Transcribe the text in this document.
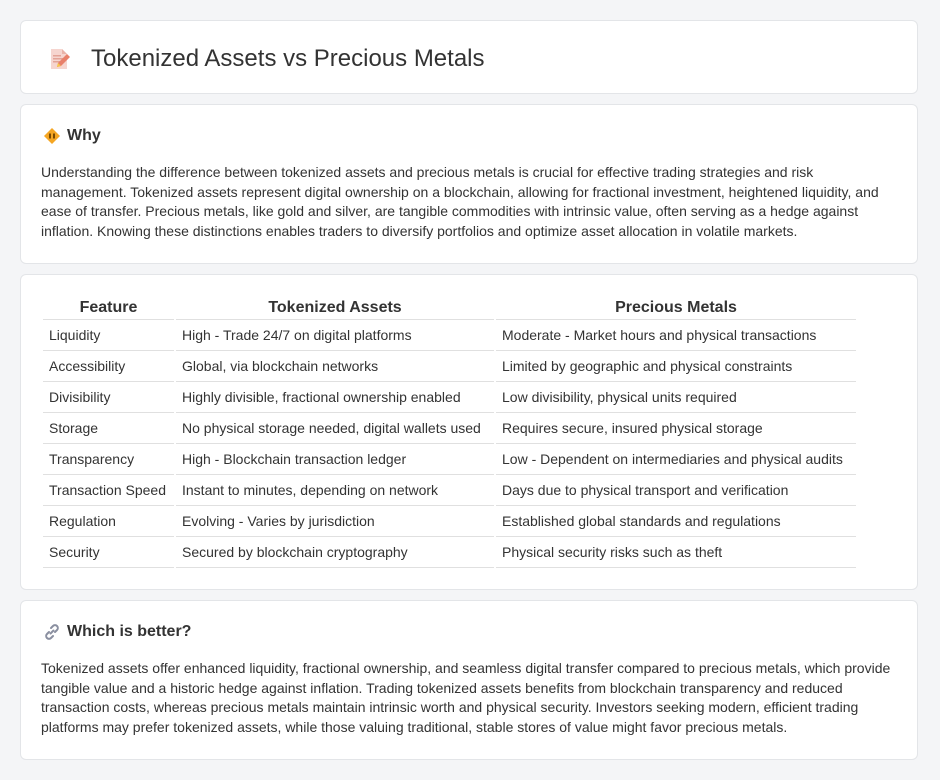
Tokenized Assets vs Precious Metals
Why

Understanding the difference between tokenized assets and precious metals is crucial for effective trading strategies and risk management. Tokenized assets represent digital ownership on a blockchain, allowing for fractional investment, heightened liquidity, and ease of transfer. Precious metals, like gold and silver, are tangible commodities with intrinsic value, often serving as a hedge against inflation. Knowing these distinctions enables traders to diversify portfolios and optimize asset allocation in volatile markets.

Feature	Tokenized Assets	Precious Metals
Liquidity	High - Trade 24/7 on digital platforms	Moderate - Market hours and physical transactions
Accessibility	Global, via blockchain networks	Limited by geographic and physical constraints
Divisibility	Highly divisible, fractional ownership enabled	Low divisibility, physical units required
Storage	No physical storage needed, digital wallets used	Requires secure, insured physical storage
Transparency	High - Blockchain transaction ledger	Low - Dependent on intermediaries and physical audits
Transaction Speed	Instant to minutes, depending on network	Days due to physical transport and verification
Regulation	Evolving - Varies by jurisdiction	Established global standards and regulations
Security	Secured by blockchain cryptography	Physical security risks such as theft
Which is better?

Tokenized assets offer enhanced liquidity, fractional ownership, and seamless digital transfer compared to precious metals, which provide tangible value and a historic hedge against inflation. Trading tokenized assets benefits from blockchain transparency and reduced transaction costs, whereas precious metals maintain intrinsic worth and physical security. Investors seeking modern, efficient trading platforms may prefer tokenized assets, while those valuing traditional, stable stores of value might favor precious metals.
